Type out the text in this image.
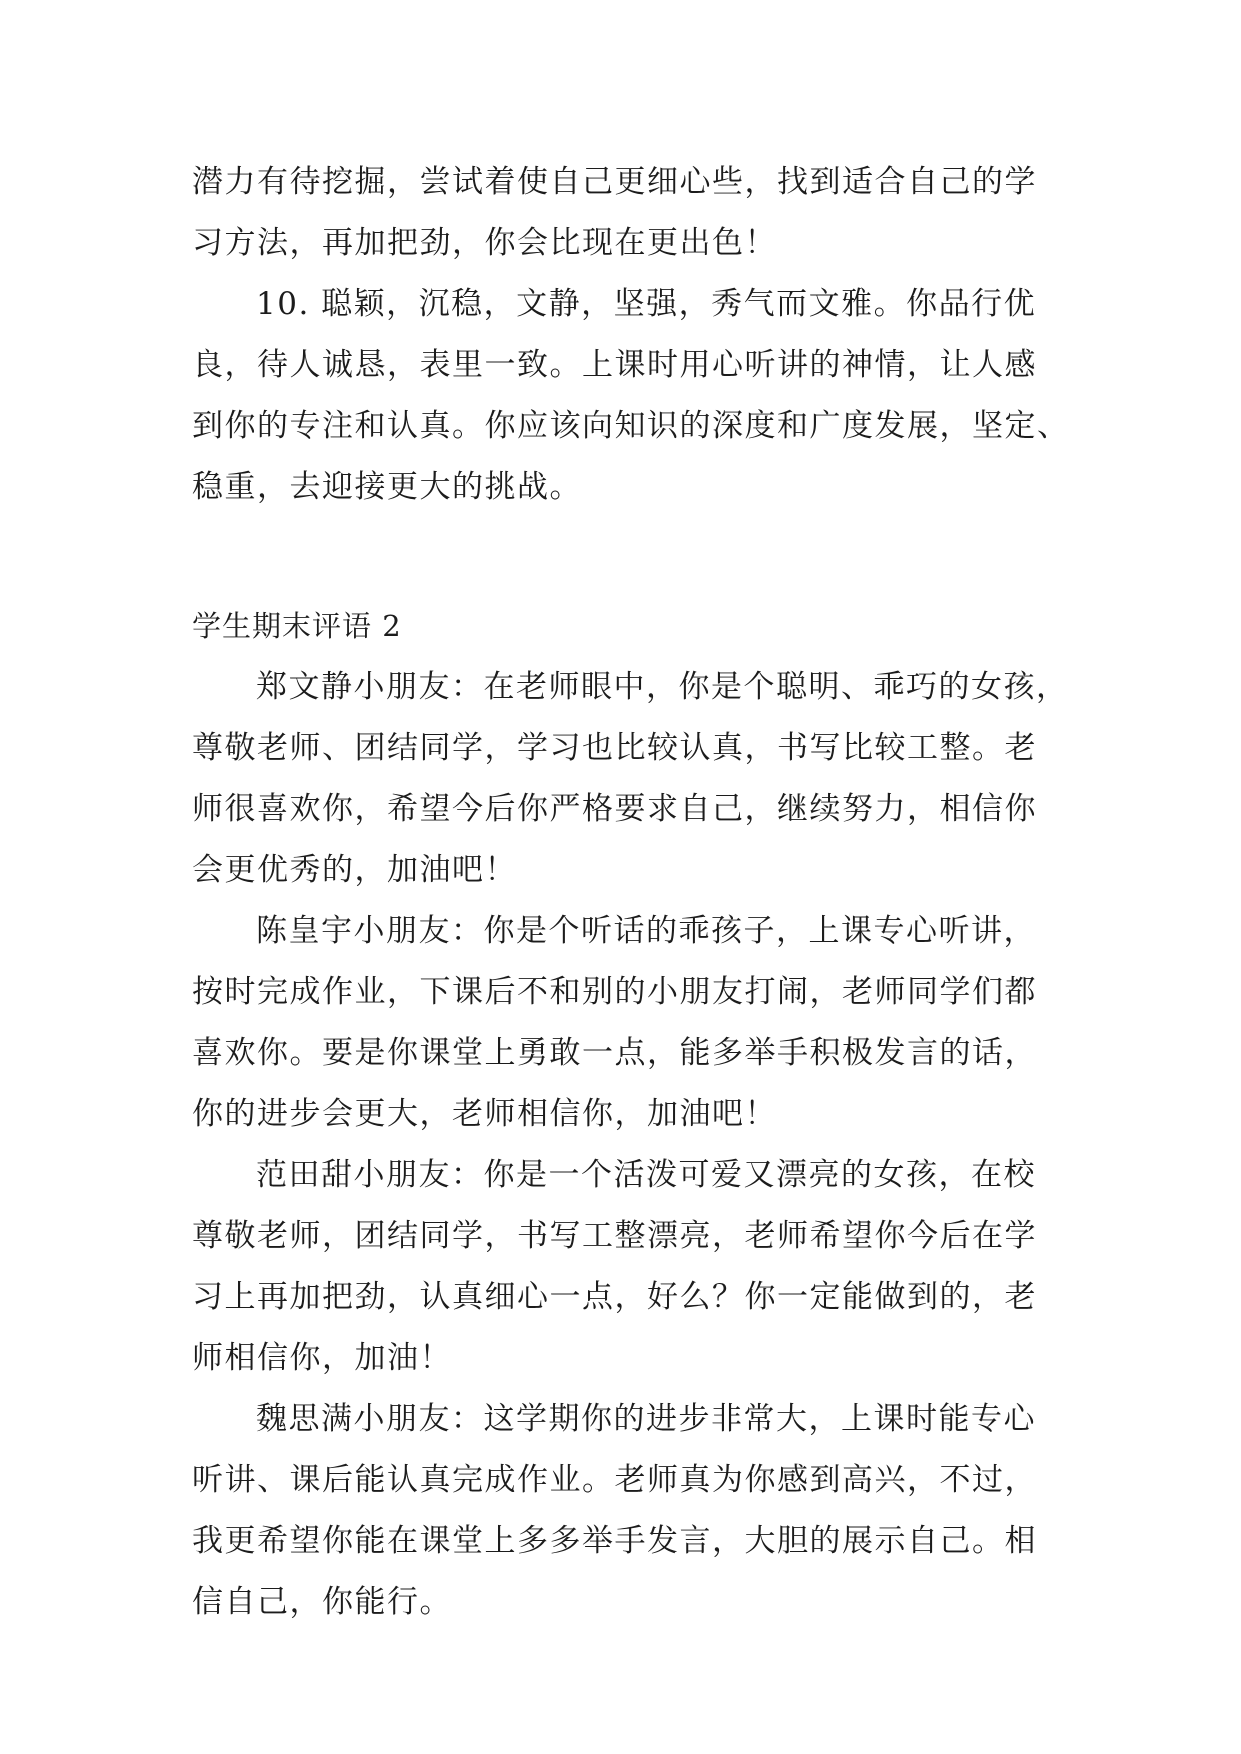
潜力有待挖掘，尝试着使自己更细心些，找到适合自己的学
习方法，再加把劲，你会比现在更出色！
10. 聪颖，沉稳，文静，坚强，秀气而文雅。你品行优
良，待人诚恳，表里一致。上课时用心听讲的神情，让人感
到你的专注和认真。你应该向知识的深度和广度发展，坚定、
稳重，去迎接更大的挑战。
学生期末评语 2
郑文静小朋友：在老师眼中，你是个聪明、乖巧的女孩，
尊敬老师、团结同学，学习也比较认真，书写比较工整。老
师很喜欢你，希望今后你严格要求自己，继续努力，相信你
会更优秀的，加油吧！
陈皇宇小朋友：你是个听话的乖孩子，上课专心听讲，
按时完成作业，下课后不和别的小朋友打闹，老师同学们都
喜欢你。要是你课堂上勇敢一点，能多举手积极发言的话，
你的进步会更大，老师相信你，加油吧！
范田甜小朋友：你是一个活泼可爱又漂亮的女孩，在校
尊敬老师，团结同学，书写工整漂亮，老师希望你今后在学
习上再加把劲，认真细心一点，好么？你一定能做到的，老
师相信你，加油！
魏思满小朋友：这学期你的进步非常大，上课时能专心
听讲、课后能认真完成作业。老师真为你感到高兴，不过，
我更希望你能在课堂上多多举手发言，大胆的展示自己。相
信自己，你能行。
